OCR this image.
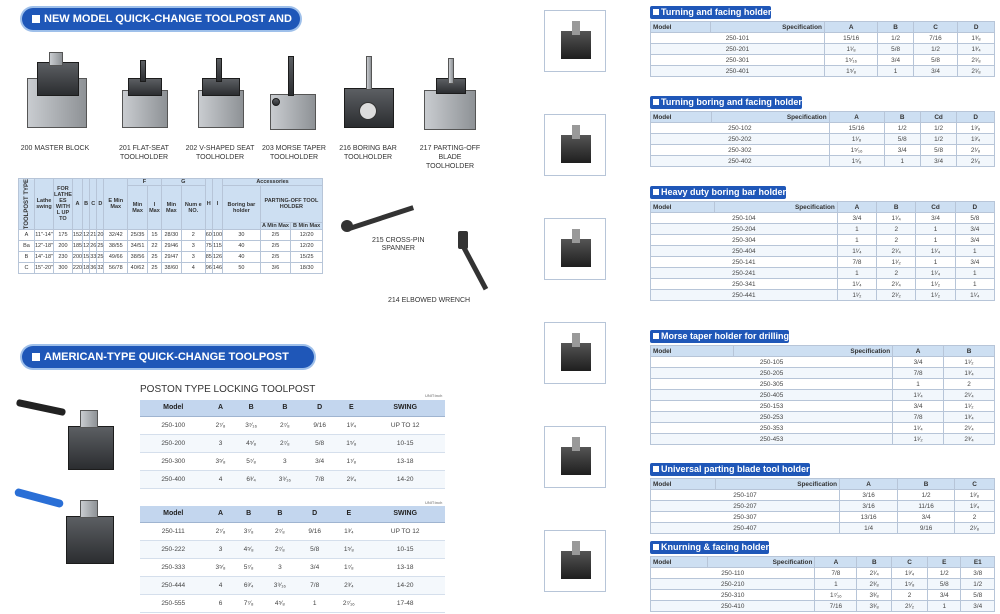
NEW MODEL QUICK-CHANGE TOOLPOST AND HOLDERS
200 MASTER BLOCK	201 FLAT-SEAT
TOOLHOLDER
202 V-SHAPED SEAT
TOOLHOLDER
203 MORSE TAPER
TOOLHOLDER
216 BORING BAR
TOOLHOLDER
217 PARTING-OFF BLADE
TOOLHOLDER
TOOLPOST TYPE	Lathe swing	FOR LATHE ES WITH L UP TO	A	B	C	D	E Min Max	F		G		H	I	Accessories		
								Min Max	I Max	Min Max	Num e NO.			Boring bar holder	PARTING-OFF TOOL HOLDER	
															A Min Max	B Min Max
A	11"-14"	175	152	12	21	20	32/42	25/35	15	28/30	2	60	100	30	2/5	12/20
Ba	12"-18"	200	185	12	26	25	38/55	34/51	22	29/46	3	75	115	40	2/5	12/20
B	14"-18"	230	200	15	33	25	49/66	38/56	25	29/47	3	85	126	40	2/5	15/25
C	15"-20"	300	220	18	36	32	56/78	40/62	25	38/60	4	96	146	50	3/6	18/30
215 CROSS-PIN
SPANNER
214 ELBOWED WRENCH
AMERICAN-TYPE QUICK-CHANGE TOOLPOST AND HOLDERS
POSTON TYPE LOCKING TOOLPOST
UNIT:inch
Model	A	B	B	D	E	SWING
250-100	2⁷⁄₈	3⁷⁄₁₆	2⁷⁄₈	9/16	1³⁄₄	UP TO 12
250-200	3	4⁵⁄₈	2⁷⁄₈	5/8	1⁵⁄₈	10-15
250-300	3⁵⁄₈	5⁷⁄₈	3	3/4	1⁷⁄₈	13-18
250-400	4	6³⁄₄	3⁹⁄₁₆	7/8	2³⁄₄	14-20
UNIT:inch
Model	A	B	B	D	E	SWING
250-111	2⁷⁄₈	3⁷⁄₈	2⁷⁄₈	9/16	1³⁄₄	UP TO 12
250-222	3	4⁵⁄₈	2⁷⁄₈	5/8	1⁵⁄₈	10-15
250-333	3⁵⁄₈	5⁷⁄₈	3	3/4	1⁷⁄₈	13-18
250-444	4	6³⁄₄	3⁹⁄₁₆	7/8	2³⁄₄	14-20
250-555	6	7⁷⁄₈	4⁵⁄₈	1	2⁷⁄₁₆	17-48
Turning and facing holder
Model	Specification	A	B	C	D
250-101		15/16	1/2	7/16	1³⁄₈
250-201		1¹⁄₈	5/8	1/2	1³⁄₄
250-301		1⁵⁄₁₆	3/4	5/8	2¹⁄₈
250-401		1⁵⁄₈	1	3/4	2¹⁄₈
Turning boring and facing holder
Model	Specification	A	B	Cd	D
250-102		15/16	1/2	1/2	1³⁄₈
250-202		1¹⁄₈	5/8	1/2	1³⁄₄
250-302		1⁵⁄₁₆	3/4	5/8	2¹⁄₈
250-402		1⁵⁄₈	1	3/4	2¹⁄₈
Heavy duty boring bar holder
Model	Specification	A	B	Cd	D
250-104		3/4	1¹⁄₄	3/4	5/8
250-204		1	2	1	3/4
250-304		1	2	1	3/4
250-404		1¹⁄₄	2¹⁄₄	1¹⁄₄	1
250-141		7/8	1¹⁄₂	1	3/4
250-241		1	2	1¹⁄₄	1
250-341		1¹⁄₄	2¹⁄₄	1¹⁄₂	1
250-441		1¹⁄₂	2¹⁄₂	1¹⁄₂	1¹⁄₄
Morse taper holder for drilling
Model	Specification	A	B
250-105		3/4	1¹⁄₂
250-205		7/8	1³⁄₄
250-305		1	2
250-405		1¹⁄₄	2¹⁄₄
250-153		3/4	1¹⁄₂
250-253		7/8	1³⁄₄
250-353		1¹⁄₄	2¹⁄₄
250-453		1¹⁄₂	2³⁄₄
Universal parting blade tool holder
Model	Specification	A	B	C
250-107		3/16	1/2	1³⁄₈
250-207		3/16	11/16	1³⁄₄
250-307		13/16	3/4	2
250-407		1/4	9/16	2¹⁄₈
Knurning & facing holder
Model	Specification	A	B	C	E	E1
250-110		7/8	2¹⁄₄	1³⁄₄	1/2	3/8
250-210		1	2³⁄₈	1⁵⁄₈	5/8	1/2
250-310		1⁷⁄₁₆	3³⁄₈	2	3/4	5/8
250-410		7/16	3³⁄₈	2¹⁄₂	1	3/4
